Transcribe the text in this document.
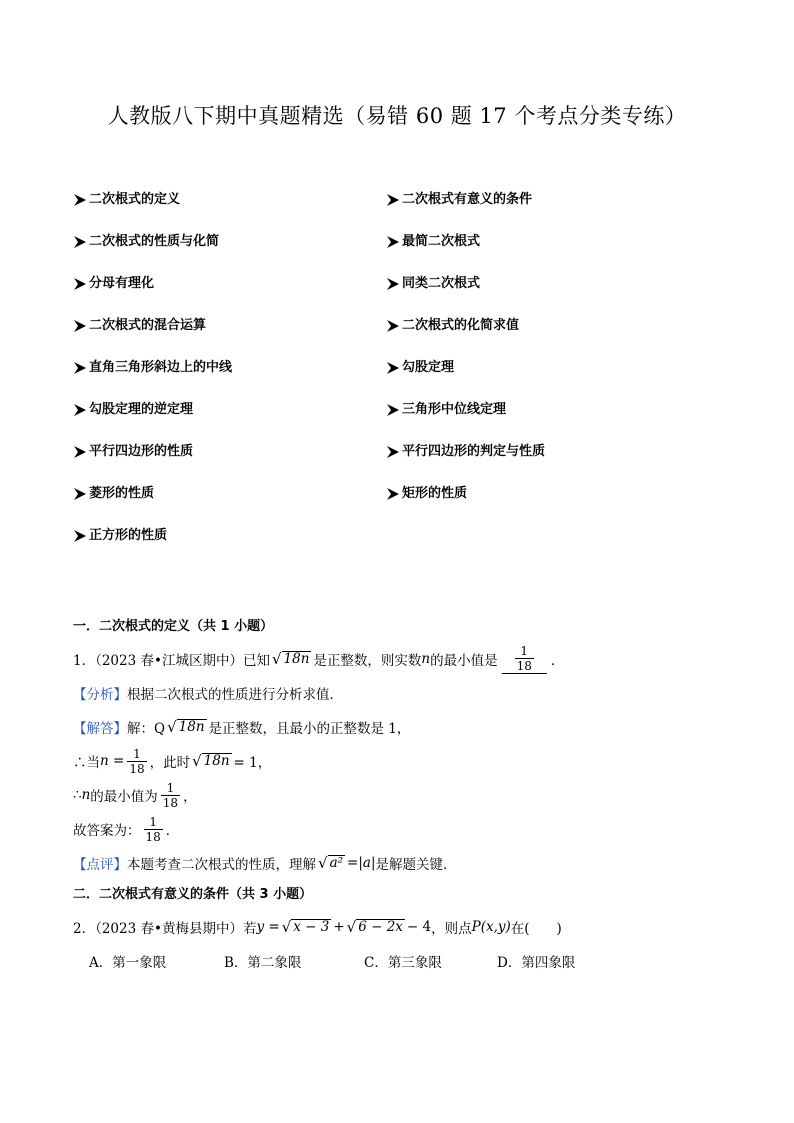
人教版八下期中真题精选（易错 60 题 17 个考点分类专练）
二次根式的定义	二次根式有意义的条件
二次根式的性质与化简	最简二次根式
分母有理化	同类二次根式
二次根式的混合运算	二次根式的化简求值
直角三角形斜边上的中线	勾股定理
勾股定理的逆定理	三角形中位线定理
平行四边形的性质	平行四边形的判定与性质
菱形的性质	矩形的性质
正方形的性质
一．二次根式的定义（共 1 小题）
1．（2023 春•江城区期中）已知 √ 18n 是正整数，则实数 n 的最小值是 $\frac{1}{18}$ ．
【分析】 根据二次根式的性质进行分析求值．
【解答】 解：Q √ 18n 是正整数，且最小的正整数是 1，
∴当 $n = \frac{1}{18}$ ，此时 √ 18n = 1，
∴ n 的最小值为 $\frac{1}{18}$ ，
故答案为： $\frac{1}{18}$ ．
【点评】 本题考查二次根式的性质，理解 √ a² =|a| 是解题关键．
二．二次根式有意义的条件（共 3 小题）
2．（2023 春•黄梅县期中）若 y = √ x − 3 + √ 6 − 2x − 4 ，则点 P(x,y) 在(　　)
A．第一象限	B．第二象限	C．第三象限	D．第四象限
